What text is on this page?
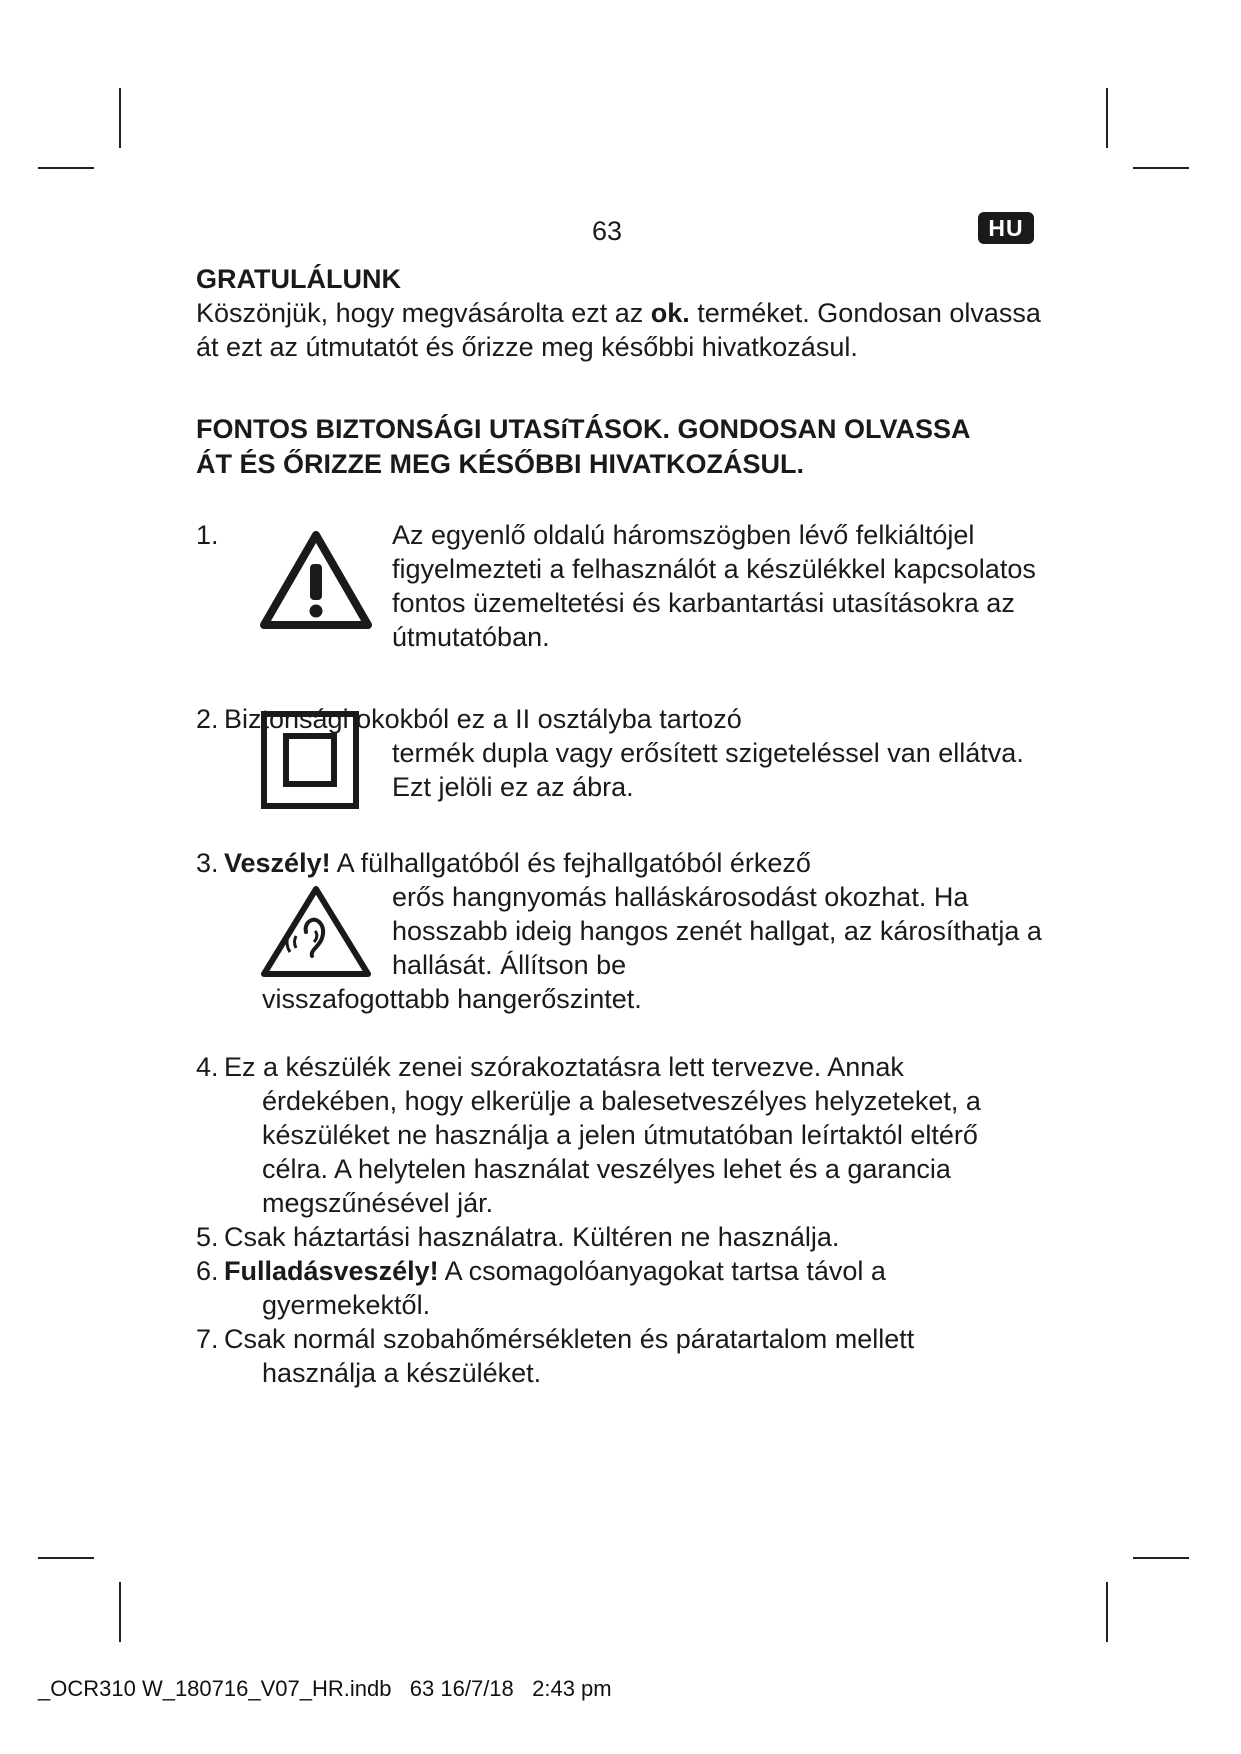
63	HU
GRATULÁLUNK

Köszönjük, hogy megvásárolta ezt az ok. terméket. Gondosan olvassa át ezt az útmutatót és őrizze meg későbbi hivatkozásul.

FONTOS BIZTONSÁGI UTASíTÁSOK. GONDOSAN OLVASSA
ÁT ÉS ŐRIZZE MEG KÉSŐBBI HIVATKOZÁSUL.
1.	Az egyenlő oldalú háromszögben lévő felkiáltójel figyelmezteti a felhasználót a készülékkel kapcsolatos fontos üzemeltetési és karbantartási utasításokra az útmutatóban.
2. Biztonsági okokból ez a II osztályba tartozó
termék dupla vagy erősített szigeteléssel van ellátva. Ezt jelöli ez az ábra.
3. Veszély! A fülhallgatóból és fejhallgatóból érkező
erős hangnyomás halláskárosodást okozhat. Ha hosszabb ideig hangos zenét hallgat, az károsíthatja a hallását. Állítson be
visszafogottabb hangerőszintet.
4. Ez a készülék zenei szórakoztatásra lett tervezve. Annak
érdekében, hogy elkerülje a balesetveszélyes helyzeteket, a készüléket ne használja a jelen útmutatóban leírtaktól eltérő célra. A helytelen használat veszélyes lehet és a garancia megszűnésével jár.
5. Csak háztartási használatra. Kültéren ne használja.
6. Fulladásveszély! A csomagolóanyagokat tartsa távol a
gyermekektől.
7. Csak normál szobahőmérsékleten és páratartalom mellett
használja a készüléket.
_OCR310 W_180716_V07_HR.indb   63 16/7/18   2:43 pm
